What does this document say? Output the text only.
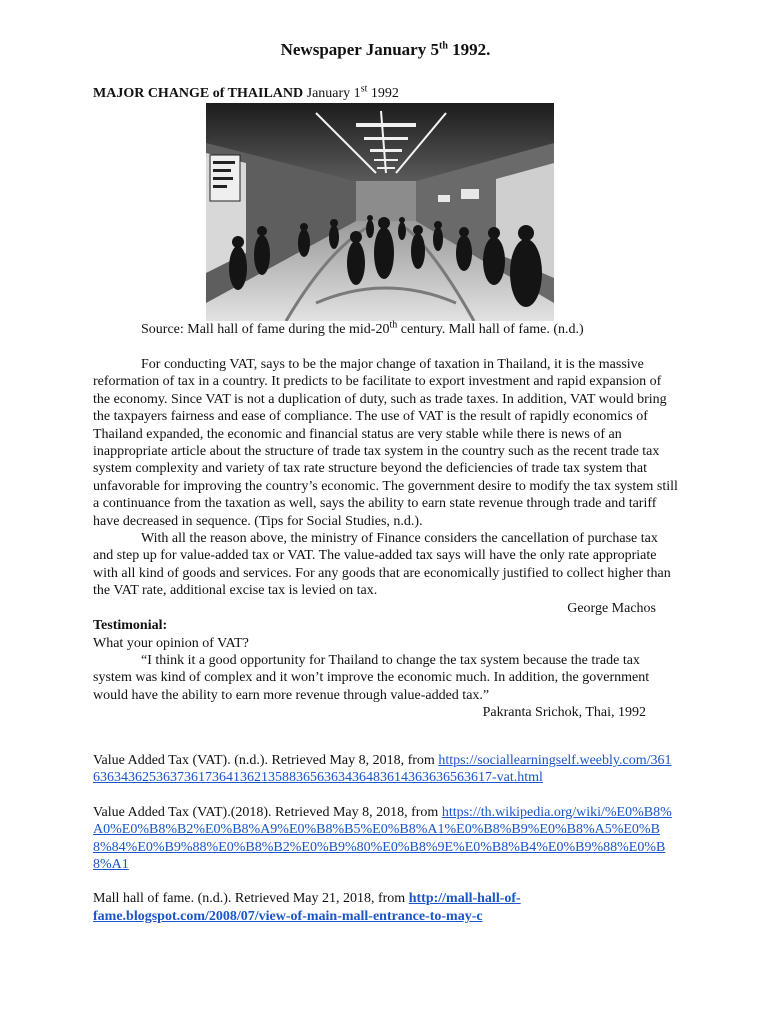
Newspaper January 5th 1992.
MAJOR CHANGE of THAILAND January 1st 1992
Source: Mall hall of fame during the mid-20th century. Mall hall of fame. (n.d.)

For conducting VAT, says to be the major change of taxation in Thailand, it is the massive reformation of tax in a country. It predicts to be facilitate to export investment and rapid expansion of the economy. Since VAT is not a duplication of duty, such as trade taxes. In addition, VAT would bring the taxpayers fairness and ease of compliance. The use of VAT is the result of rapidly economics of Thailand expanded, the economic and financial status are very stable while there is news of an inappropriate article about the structure of trade tax system in the country such as the recent trade tax system complexity and variety of tax rate structure beyond the deficiencies of trade tax system that unfavorable for improving the country’s economic. The government desire to modify the tax system still a continuance from the taxation as well, says the ability to earn state revenue through trade and tariff have decreased in sequence. (Tips for Social Studies, n.d.).

With all the reason above, the ministry of Finance considers the cancellation of purchase tax and step up for value-added tax or VAT. The value-added tax says will have the only rate appropriate with all kind of goods and services. For any goods that are economically justified to collect higher than the VAT rate, additional excise tax is levied on tax.

George Machos

Testimonial:

What your opinion of VAT?

“I think it a good opportunity for Thailand to change the tax system because the trade tax system was kind of complex and it won’t improve the economic much. In addition, the government would have the ability to earn more revenue through value-added tax.”

Pakranta Srichok, Thai, 1992

Value Added Tax (VAT). (n.d.). Retrieved May 8, 2018, from https://sociallearningself.weebly.com/361636343625363736173641362135883656363436483614363636563617-vat.html

Value Added Tax (VAT).(2018). Retrieved May 8, 2018, from https://th.wikipedia.org/wiki/%E0%B8%A0%E0%B8%B2%E0%B8%A9%E0%B8%B5%E0%B8%A1%E0%B8%B9%E0%B8%A5%E0%B8%84%E0%B9%88%E0%B8%B2%E0%B9%80%E0%B8%9E%E0%B8%B4%E0%B9%88%E0%B8%A1

Mall hall of fame. (n.d.). Retrieved May 21, 2018, from http://mall-hall-of-fame.blogspot.com/2008/07/view-of-main-mall-entrance-to-may-c
